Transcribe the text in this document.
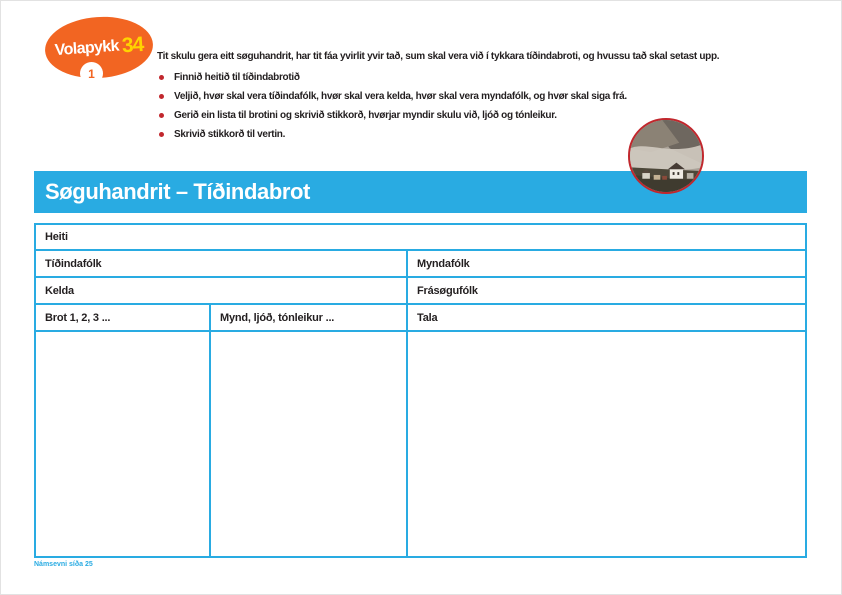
Volapykk 34
1

Tit skulu gera eitt søguhandrit, har tit fáa yvirlit yvir tað, sum skal vera við í tykkara tíðindabroti, og hvussu tað skal setast upp.

Finnið heitið til tíðindabrotið
Veljið, hvør skal vera tíðindafólk, hvør skal vera kelda, hvør skal vera myndafólk, og hvør skal siga frá.
Gerið ein lista til brotini og skrivið stikkorð, hvørjar myndir skulu við, ljóð og tónleikur.
Skrivið stikkorð til vertin.
Søguhandrit – Tíðindabrot
Heiti
Tíðindafólk	Myndafólk
Kelda	Frásøgufólk
Brot 1, 2, 3 ...	Mynd, ljóð, tónleikur ...	Tala
Námsevni síða 25
